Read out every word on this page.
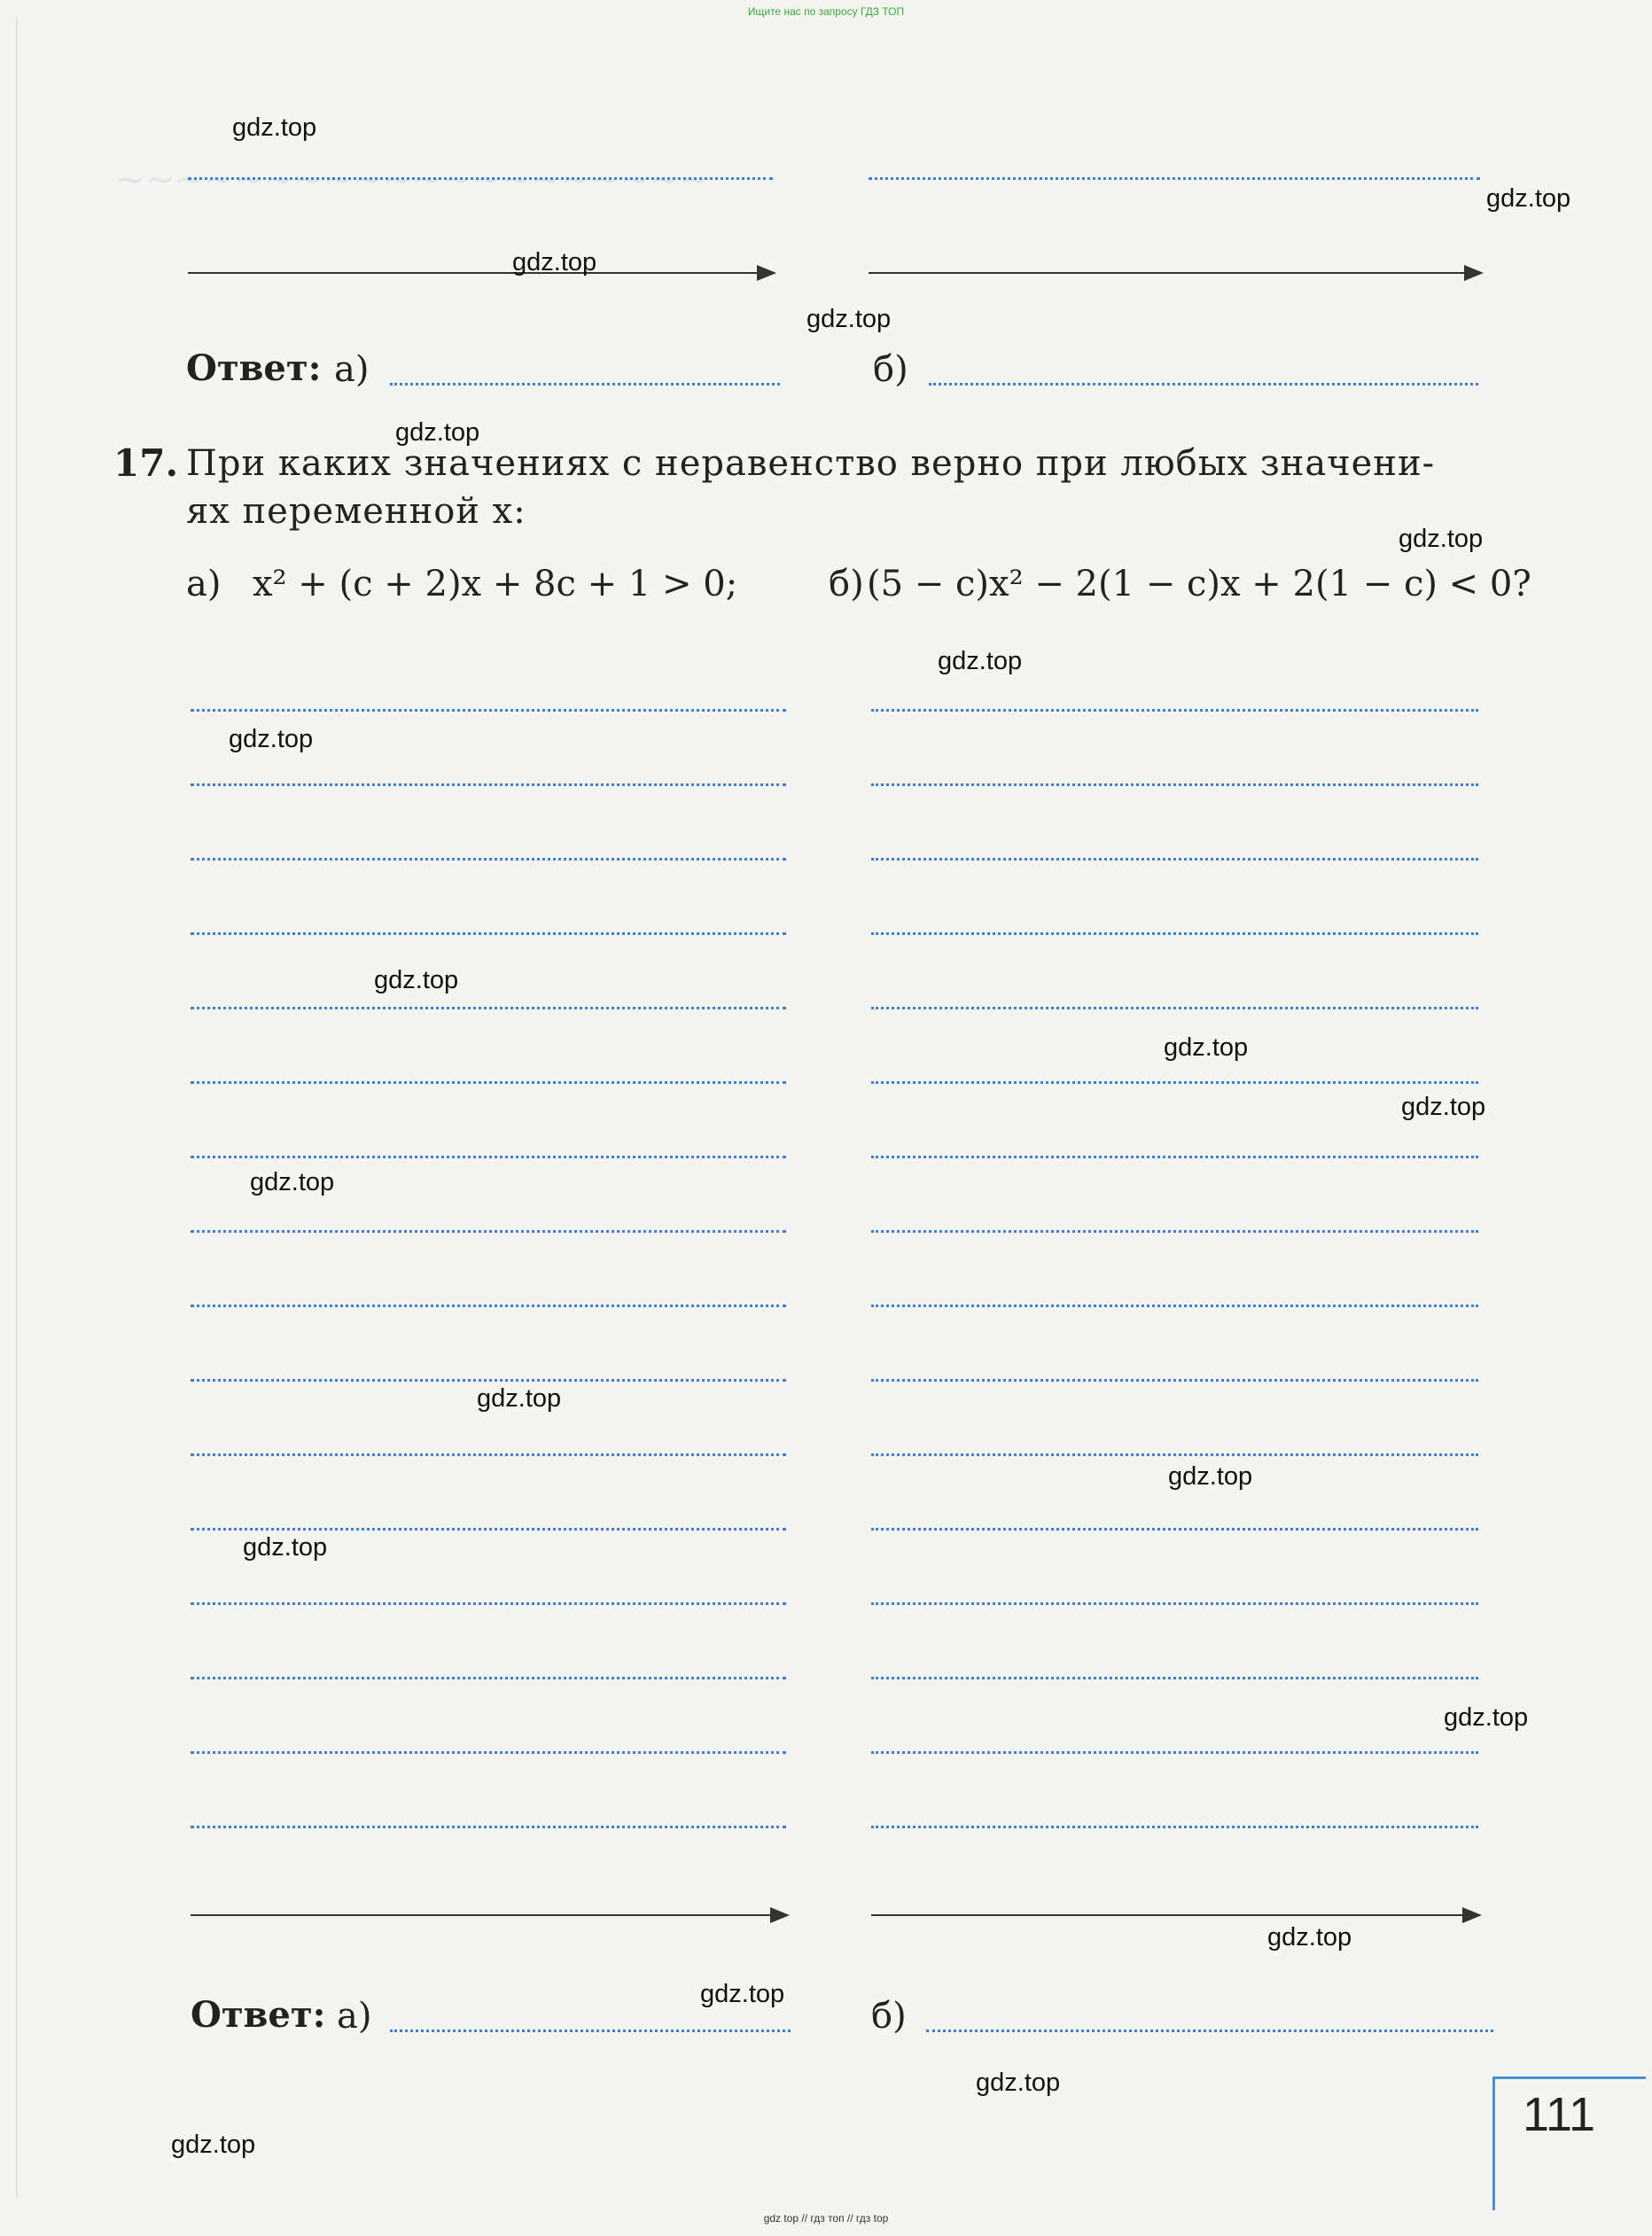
Ищите нас по запросу ГДЗ ТОП
~~~~~~~~~~~~~~~~~~~~
Ответ: а)	б)
17. При каких значениях c неравенство верно при любых значени-
ях переменной x:
а) x² + (c + 2)x + 8c + 1 > 0;	б) (5 − c)x² − 2(1 − c)x + 2(1 − c) < 0?
Ответ: а)	б)
111
gdz.top
gdz.top
gdz.top
gdz.top
gdz.top
gdz.top
gdz.top
gdz.top
gdz.top
gdz.top
gdz.top
gdz.top
gdz.top
gdz.top
gdz.top
gdz.top
gdz.top
gdz.top
gdz.top
gdz.top
gdz top // гдз топ // гдз top
